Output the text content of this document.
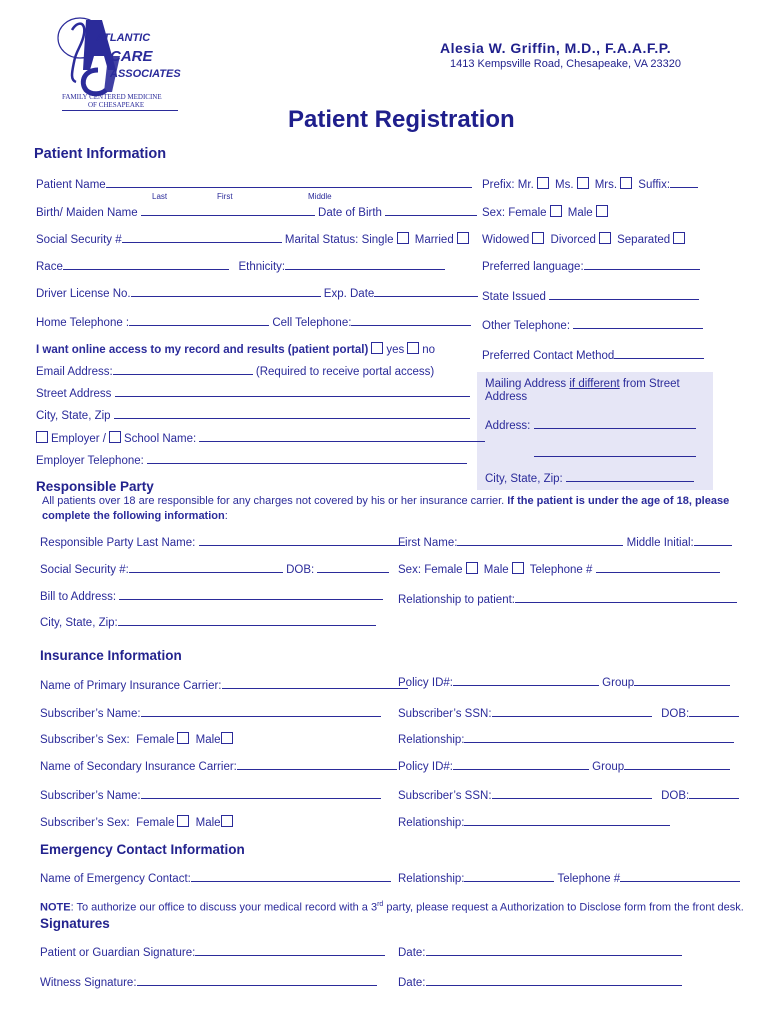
ATLANTIC
CARE
ASSOCIATES
FAMILY CENTERED MEDICINE
OF CHESAPEAKE
Alesia W. Griffin, M.D., F.A.A.F.P.
1413 Kempsville Road, Chesapeake, VA 23320
Patient Registration
Patient Information
Patient Name
Last	First	Middle
Prefix: Mr. Ms. Mrs. Suffix:
Birth/ Maiden Name	Date of Birth	Sex: Female Male
Social Security #	Marital Status: Single Married	Widowed Divorced Separated
Race	Ethnicity:	Preferred language:
Driver License No.	Exp. Date	State Issued
Home Telephone :	Cell Telephone:	Other Telephone:
I want online access to my record and results (patient portal) yes no	Preferred Contact Method
Email Address:	(Required to receive portal access)
Mailing Address if different from Street
Address
Address:
City, State, Zip:
Street Address
City, State, Zip
Employer / School Name:
Employer Telephone:
Responsible Party
All patients over 18 are responsible for any charges not covered by his or her insurance carrier. If the patient is under the age of 18, please
complete the following information:
Responsible Party Last Name:	First Name:	Middle Initial:
Social Security #:	DOB:	Sex: Female Male Telephone #
Bill to Address:	Relationship to patient:
City, State, Zip:
Insurance Information
Name of Primary Insurance Carrier:	Policy ID#:	Group
Subscriber’s Name:	Subscriber’s SSN:	DOB:
Subscriber’s Sex: Female Male	Relationship:
Name of Secondary Insurance Carrier:	Policy ID#:	Group
Subscriber’s Name:	Subscriber’s SSN:	DOB:
Subscriber’s Sex: Female Male	Relationship:
Emergency Contact Information
Name of Emergency Contact:	Relationship:	Telephone #
NOTE: To authorize our office to discuss your medical record with a 3rd party, please request a Authorization to Disclose form from the front desk.
Signatures
Patient or Guardian Signature:	Date:
Witness Signature:	Date:
